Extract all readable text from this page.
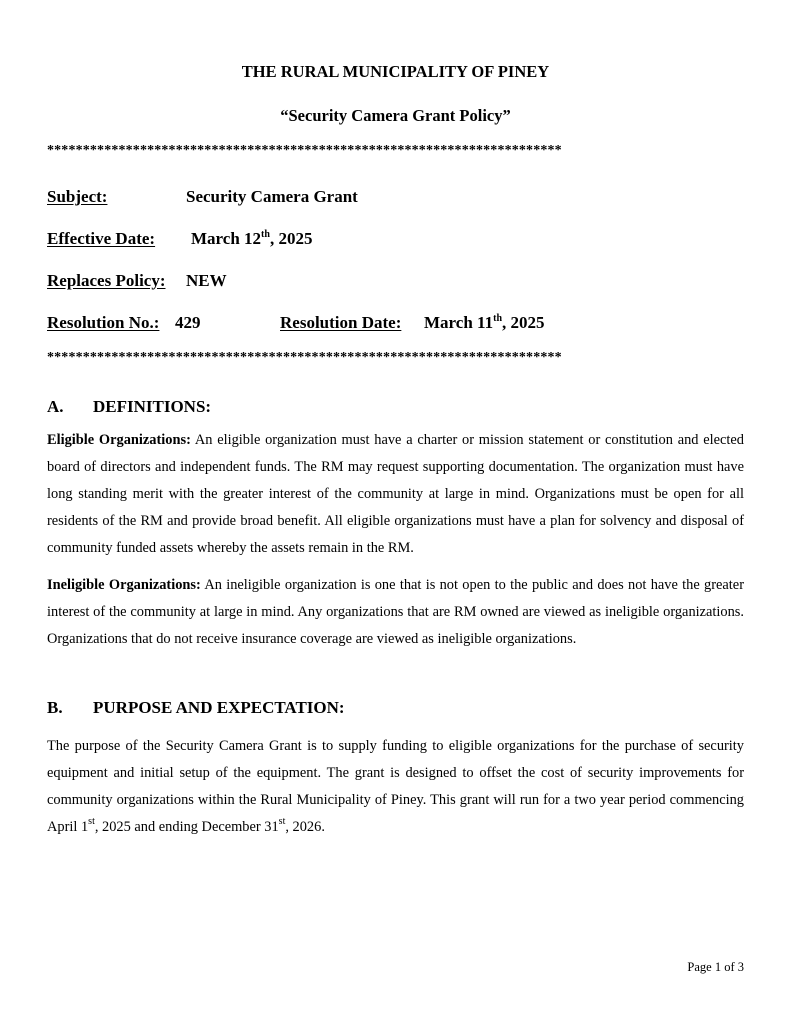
THE RURAL MUNICIPALITY OF PINEY
“Security Camera Grant Policy”
************************************************************************
Subject:	Security Camera Grant
Effective Date: March 12th, 2025
Replaces Policy: NEW
Resolution No.: 429	Resolution Date: March 11th, 2025
************************************************************************
A. DEFINITIONS:

Eligible Organizations: An eligible organization must have a charter or mission statement or constitution and elected board of directors and independent funds. The RM may request supporting documentation. The organization must have long standing merit with the greater interest of the community at large in mind. Organizations must be open for all residents of the RM and provide broad benefit. All eligible organizations must have a plan for solvency and disposal of community funded assets whereby the assets remain in the RM.

Ineligible Organizations: An ineligible organization is one that is not open to the public and does not have the greater interest of the community at large in mind. Any organizations that are RM owned are viewed as ineligible organizations. Organizations that do not receive insurance coverage are viewed as ineligible organizations.

B. PURPOSE AND EXPECTATION:

The purpose of the Security Camera Grant is to supply funding to eligible organizations for the purchase of security equipment and initial setup of the equipment. The grant is designed to offset the cost of security improvements for community organizations within the Rural Municipality of Piney. This grant will run for a two year period commencing April 1st, 2025 and ending December 31st, 2026.

Page 1 of 3
